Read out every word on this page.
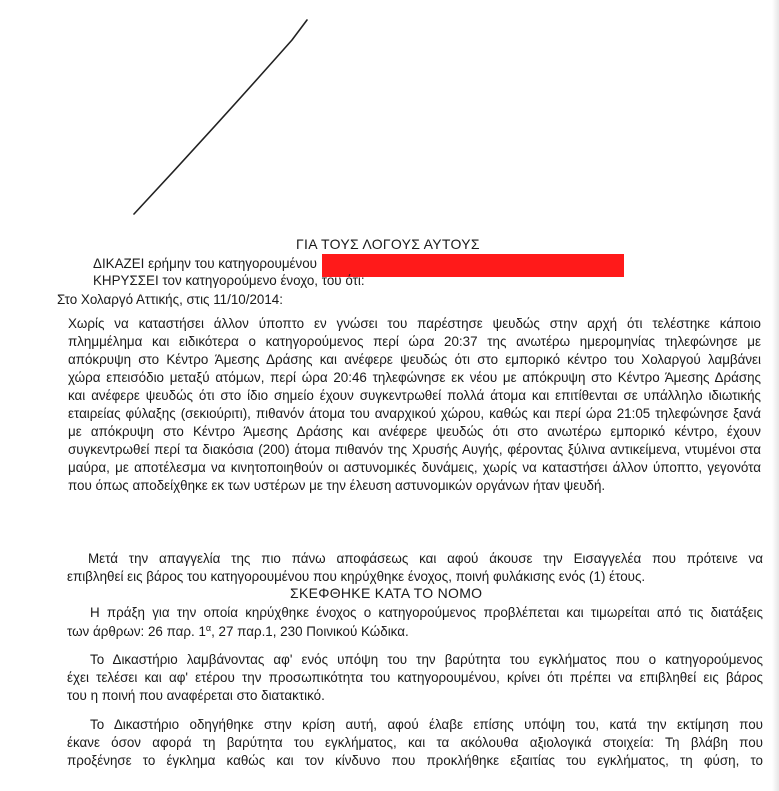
ΓΙΑ ΤΟΥΣ ΛΟΓΟΥΣ ΑΥΤΟΥΣ
ΔΙΚΑΖΕΙ ερήμην του κατηγορουμένου
ΚΗΡΥΣΣΕΙ τον κατηγορούμενο ένοχο, του ότι:
Στο Χολαργό Αττικής, στις 11/10/2014:
Χωρίς να καταστήσει άλλον ύποπτο εν γνώσει του παρέστησε ψευδώς στην αρχή ότι τελέστηκε κάποιο
πλημμέλημα και ειδικότερα ο κατηγορούμενος περί ώρα 20:37 της ανωτέρω ημερομηνίας τηλεφώνησε με
απόκρυψη στο Κέντρο Άμεσης Δράσης και ανέφερε ψευδώς ότι στο εμπορικό κέντρο του Χολαργού λαμβάνει
χώρα επεισόδιο μεταξύ ατόμων, περί ώρα 20:46 τηλεφώνησε εκ νέου με απόκρυψη στο Κέντρο Άμεσης Δράσης
και ανέφερε ψευδώς ότι στο ίδιο σημείο έχουν συγκεντρωθεί πολλά άτομα και επιτίθενται σε υπάλληλο ιδιωτικής
εταιρείας φύλαξης (σεκιούριτι), πιθανόν άτομα του αναρχικού χώρου, καθώς και περί ώρα 21:05 τηλεφώνησε ξανά
με απόκρυψη στο Κέντρο Άμεσης Δράσης και ανέφερε ψευδώς ότι στο ανωτέρω εμπορικό κέντρο, έχουν
συγκεντρωθεί περί τα διακόσια (200) άτομα πιθανόν της Χρυσής Αυγής, φέροντας ξύλινα αντικείμενα, ντυμένοι στα
μαύρα, με αποτέλεσμα να κινητοποιηθούν οι αστυνομικές δυνάμεις, χωρίς να καταστήσει άλλον ύποπτο, γεγονότα
που όπως αποδείχθηκε εκ των υστέρων με την έλευση αστυνομικών οργάνων ήταν ψευδή.
Μετά την απαγγελία της πιο πάνω αποφάσεως και αφού άκουσε την Εισαγγελέα που πρότεινε να
επιβληθεί εις βάρος του κατηγορουμένου που κηρύχθηκε ένοχος, ποινή φυλάκισης ενός (1) έτους.
ΣΚΕΦΘΗΚΕ ΚΑΤΑ ΤΟ ΝΟΜΟ
Η πράξη για την οποία κηρύχθηκε ένοχος ο κατηγορούμενος προβλέπεται και τιμωρείται από τις διατάξεις
των άρθρων: 26 παρ. $1^\alpha$, 27 παρ.1, 230 Ποινικού Κώδικα.
Το Δικαστήριο λαμβάνοντας αφ' ενός υπόψη του την βαρύτητα του εγκλήματος που ο κατηγορούμενος
έχει τελέσει και αφ' ετέρου την προσωπικότητα του κατηγορουμένου, κρίνει ότι πρέπει να επιβληθεί εις βάρος
του η ποινή που αναφέρεται στο διατακτικό.
Το Δικαστήριο οδηγήθηκε στην κρίση αυτή, αφού έλαβε επίσης υπόψη του, κατά την εκτίμηση που
έκανε όσον αφορά τη βαρύτητα του εγκλήματος, και τα ακόλουθα αξιολογικά στοιχεία: Τη βλάβη που
προξένησε το έγκλημα καθώς και τον κίνδυνο που προκλήθηκε εξαιτίας του εγκλήματος, τη φύση, το
